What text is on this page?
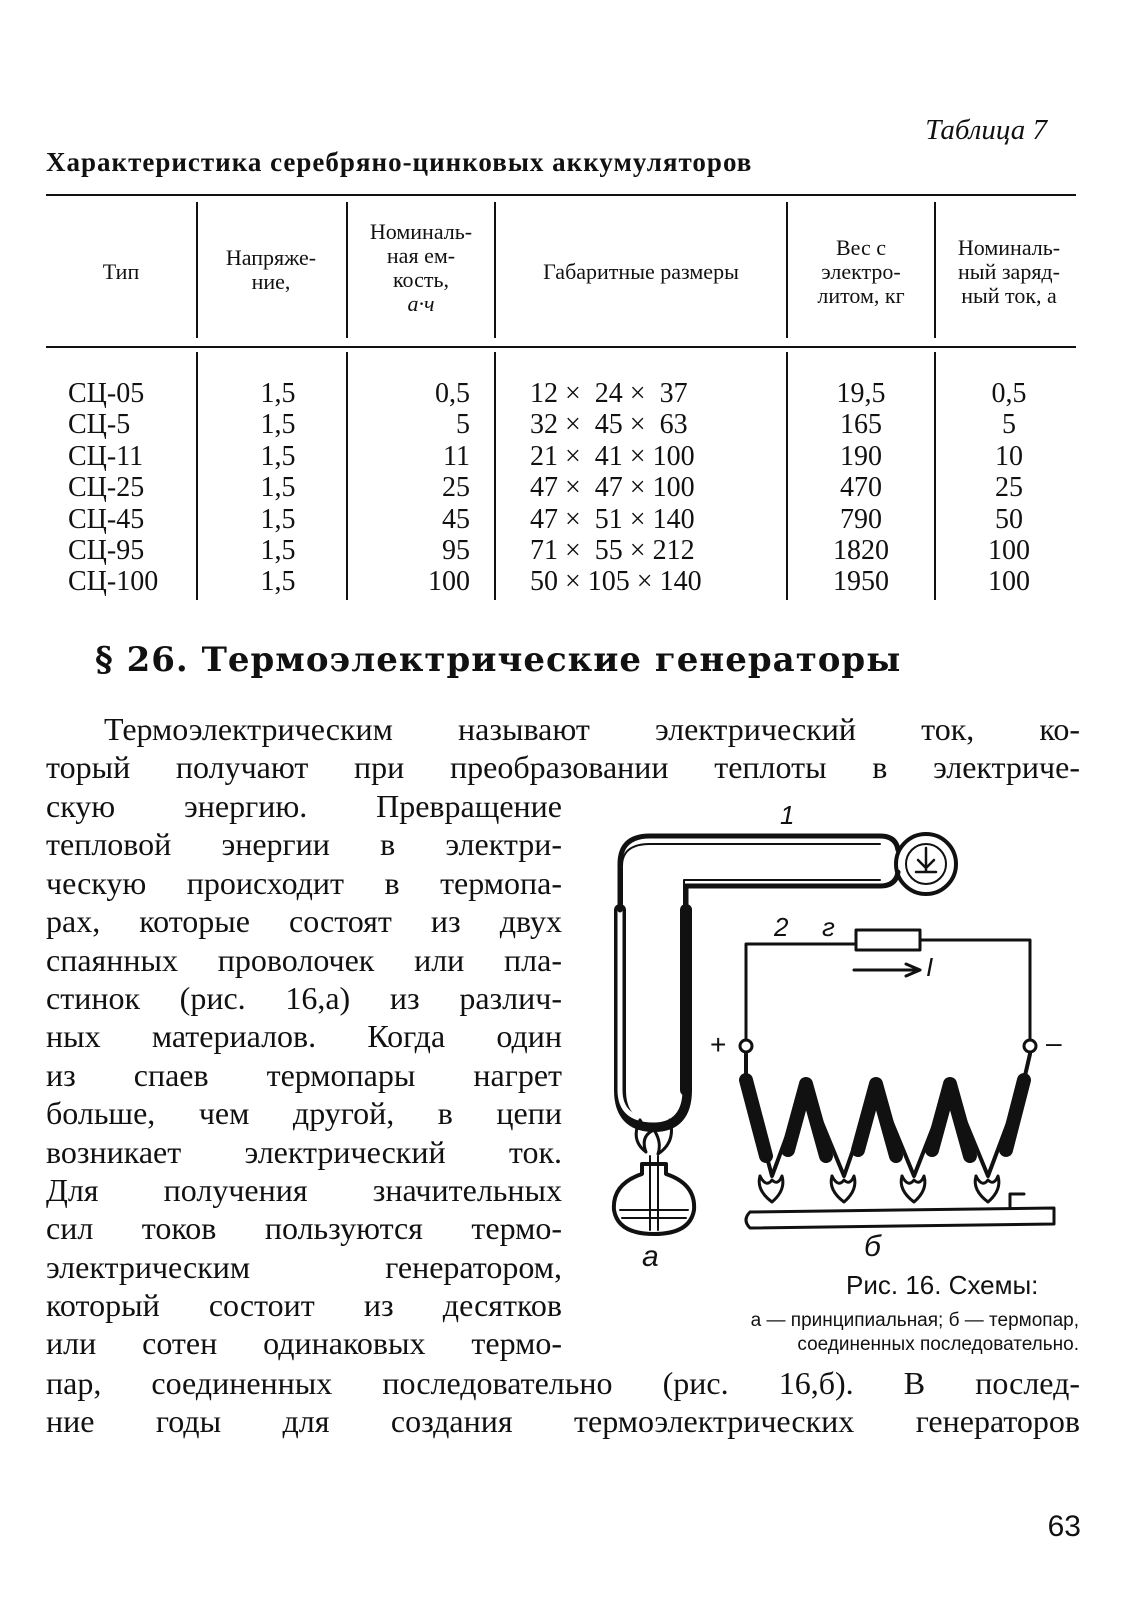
Таблица 7
Характеристика серебряно-цинковых аккумуляторов
Тип
Напряже-
ние,
Номиналь-
ная ем-
кость,
а·ч
Габаритные размеры
Вес с
электро-
литом, кг
Номиналь-
ный заряд-
ный ток, а
СЦ-05
СЦ-5
СЦ-11
СЦ-25
СЦ-45
СЦ-95
СЦ-100
1,5
1,5
1,5
1,5
1,5
1,5
1,5
0,5
5
11
25
45
95
100
12 ×  24 ×  37
32 ×  45 ×  63
21 ×  41 × 100
47 ×  47 × 100
47 ×  51 × 140
71 ×  55 × 212
50 × 105 × 140
19,5
165
190
470
790
1820
1950
0,5
5
10
25
50
100
100
§ 26. Термоэлектрические генераторы
Термоэлектрическим называют электрический ток, ко-
торый получают при преобразовании теплоты в электриче-
скую энергию. Превращение
тепловой энергии в электри-
ческую происходит в термопа-
рах, которые состоят из двух
спаянных проволочек или пла-
стинок (рис. 16,а) из различ-
ных материалов. Когда один
из спаев термопары нагрет
больше, чем другой, в цепи
возникает электрический ток.
Для получения значительных
сил токов пользуются термо-
электрическим генератором,
который состоит из десятков
или сотен одинаковых термо-
пар, соединенных последовательно (рис. 16,б). В послед-
ние годы для создания термоэлектрических генераторов
1
2 г
I
+	–
а	б
Рис. 16. Схемы:
а — принципиальная; б — термопар,
соединенных последовательно.
63
